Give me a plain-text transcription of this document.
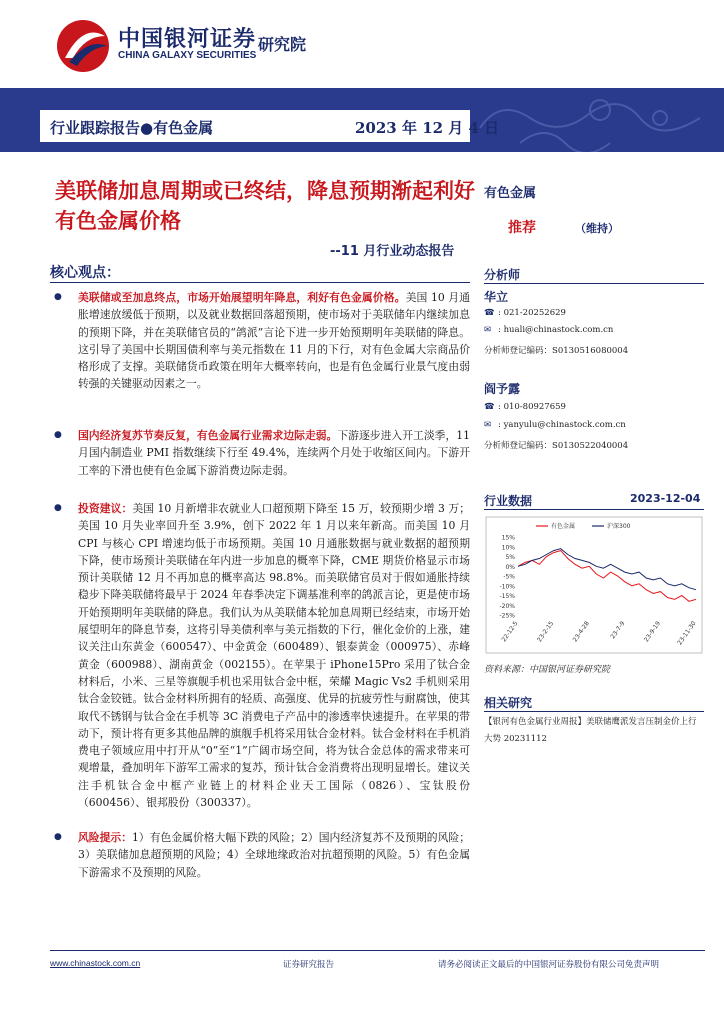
中国银河证券
CHINA GALAXY SECURITIES
研究院
行业跟踪报告●有色金属	2023 年 12 月 4 日
美联储加息周期或已终结，降息预期渐起利好有色金属价格
--11 月行业动态报告
核心观点：
● 美联储或至加息终点，市场开始展望明年降息，利好有色金属价格。美国 10 月通胀增速放缓低于预期，以及就业数据回落超预期，使市场对于美联储年内继续加息的预期下降，并在美联储官员的“鸽派”言论下进一步开始预期明年美联储的降息。这引导了美国中长期国债利率与美元指数在 11 月的下行，对有色金属大宗商品价格形成了支撑。美联储货币政策在明年大概率转向，也是有色金属行业景气度由弱转强的关键驱动因素之一。
● 国内经济复苏节奏反复，有色金属行业需求边际走弱。下游逐步进入开工淡季，11 月国内制造业 PMI 指数继续下行至 49.4%，连续两个月处于收缩区间内。下游开工率的下滑也使有色金属下游消费边际走弱。
● 投资建议：美国 10 月新增非农就业人口超预期下降至 15 万，较预期少增 3 万；美国 10 月失业率回升至 3.9%，创下 2022 年 1 月以来年新高。而美国 10 月 CPI 与核心 CPI 增速均低于市场预期。美国 10 月通胀数据与就业数据的超预期下降，使市场预计美联储在年内进一步加息的概率下降，CME 期货价格显示市场预计美联储 12 月不再加息的概率高达 98.8%。而美联储官员对于假如通胀持续稳步下降美联储将最早于 2024 年春季决定下调基准利率的鸽派言论，更是使市场开始预期明年美联储的降息。我们认为从美联储本轮加息周期已经结束，市场开始展望明年的降息节奏，这将引导美债利率与美元指数的下行，催化金价的上涨，建议关注山东黄金（600547）、中金黄金（600489）、银泰黄金（000975）、赤峰黄金（600988）、湖南黄金（002155）。在苹果于 iPhone15Pro 采用了钛合金材料后，小米、三星等旗舰手机也采用钛合金中框，荣耀 Magic Vs2 手机则采用钛合金铰链。钛合金材料所拥有的轻质、高强度、优异的抗疲劳性与耐腐蚀，使其取代不锈钢与钛合金在手机等 3C 消费电子产品中的渗透率快速提升。在苹果的带动下，预计将有更多其他品牌的旗舰手机将采用钛合金材料。钛合金材料在手机消费电子领域应用中打开从“0”至“1”广阔市场空间，将为钛合金总体的需求带来可观增量，叠加明年下游军工需求的复苏，预计钛合金消费将出现明显增长。建议关注手机钛合金中框产业链上的材料企业天工国际（0826）、宝钛股份（600456）、银邦股份（300337）。
● 风险提示：1）有色金属价格大幅下跌的风险；2）国内经济复苏不及预期的风险；3）美联储加息超预期的风险；4）全球地缘政治对抗超预期的风险。5）有色金属下游需求不及预期的风险。
有色金属
推荐	（维持）
分析师
华立
☎ : 021-20252629
✉ : huali@chinastock.com.cn
分析师登记编码：S0130516080004
阎予露
☎ : 010-80927659
✉ : yanyulu@chinastock.com.cn
分析师登记编码：S0130522040004
行业数据	2023-12-04
15%
10%
5%
0%
-5%
-10%
-15%
-20%
-25%
有色金属	沪深300
22-12-5	23-2-15	23-4-28	23-7-9	23-9-19 23-11-30
资料来源：中国银河证券研究院
相关研究
【银河有色金属行业周报】美联储鹰派发言压制金价上行大势 20231112
www.chinastock.com.cn	证券研究报告	请务必阅读正文最后的中国银河证券股份有限公司免责声明
